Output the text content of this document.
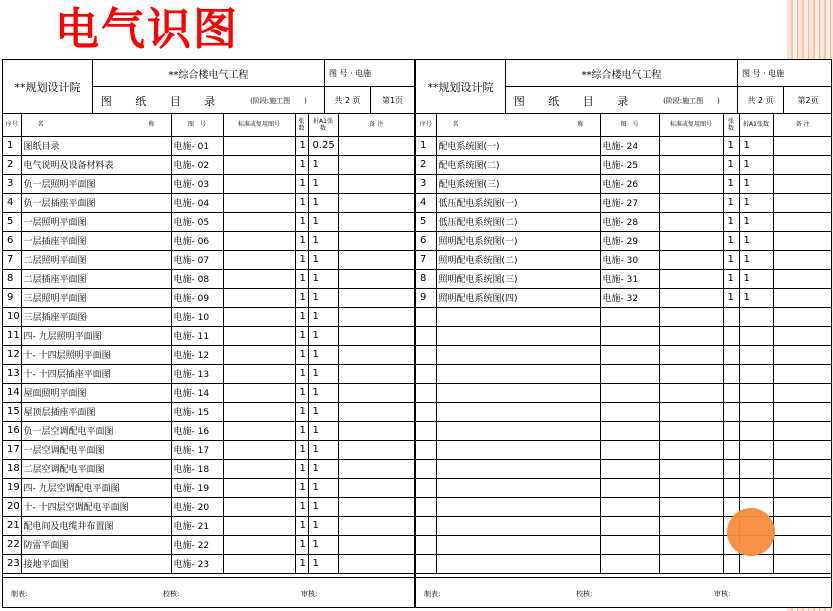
电气识图
**规划设计院
**综合楼电气工程	图 号 · 电施
图 纸 目 录	(阶段:施工图　　)	共 2 页	第1页
序号	名 称	图　号	标准或复用图号	张数	折A1张数	备 注
1	图纸目录	电施- 01		1	0.25	
2	电气说明及设备材料表	电施- 02		1	1	
3	负一层照明平面图	电施- 03		1	1	
4	负一层插座平面图	电施- 04		1	1	
5	一层照明平面图	电施- 05		1	1	
6	一层插座平面图	电施- 06		1	1	
7	二层照明平面图	电施- 07		1	1	
8	二层插座平面图	电施- 08		1	1	
9	三层照明平面图	电施- 09		1	1	
10	三层插座平面图	电施- 10		1	1	
11	四- 九层照明平面图	电施- 11		1	1	
12	十- 十四层照明平面图	电施- 12		1	1	
13	十- 十四层插座平面图	电施- 13		1	1	
14	屋面照明平面图	电施- 14		1	1	
15	屋顶层插座平面图	电施- 15		1	1	
16	负一层空调配电平面图	电施- 16		1	1	
17	一层空调配电平面图	电施- 17		1	1	
18	二层空调配电平面图	电施- 18		1	1	
19	四- 九层空调配电平面图	电施- 19		1	1	
20	十- 十四层空调配电平面图	电施- 20		1	1	
21	配电间及电缆井布置图	电施- 21		1	1	
22	防雷平面图	电施- 22		1	1	
23	接地平面图	电施- 23		1	1	
制表:	校核:	审核:
**规划设计院
**综合楼电气工程	图 号 · 电施
图 纸 目 录	(阶段:施工图　　)	共 2 页	第2页
序号	名 称	图　号	标准或复用图号	张数	折A1张数	备 注
1	配电系统图(一)	电施- 24		1	1	
2	配电系统图(二)	电施- 25		1	1	
3	配电系统图(三)	电施- 26		1	1	
4	低压配电系统图(一)	电施- 27		1	1	
5	低压配电系统图(二)	电施- 28		1	1	
6	照明配电系统图(一)	电施- 29		1	1	
7	照明配电系统图(二)	电施- 30		1	1	
8	照明配电系统图(三)	电施- 31		1	1	
9	照明配电系统图(四)	电施- 32		1	1	

制表:	校核:	审核:
